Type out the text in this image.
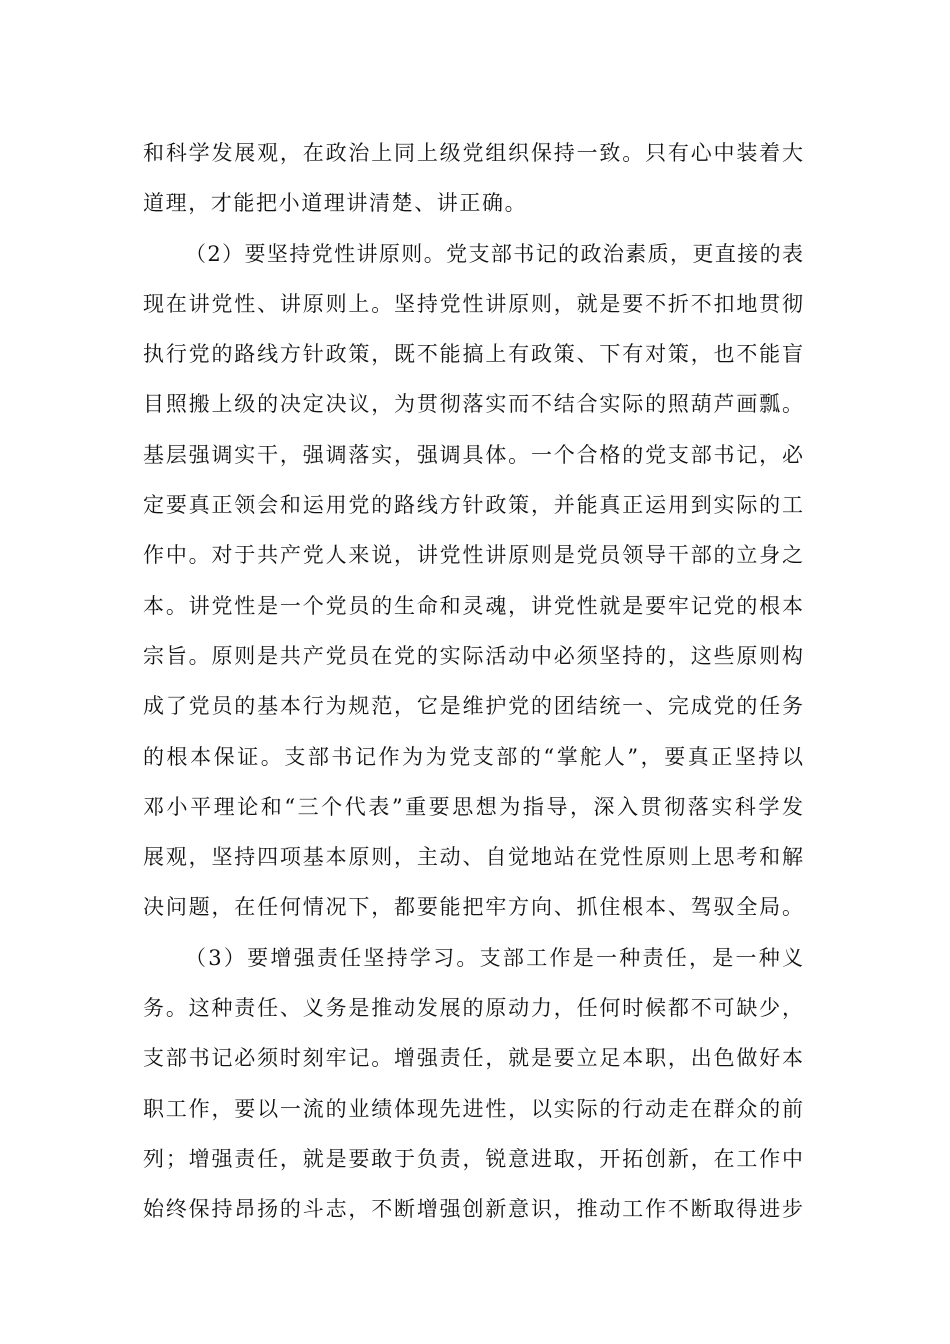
和科学发展观，在政治上同上级党组织保持一致。只有心中装着大
道理，才能把小道理讲清楚、讲正确。
（2）要坚持党性讲原则。党支部书记的政治素质，更直接的表
现在讲党性、讲原则上。坚持党性讲原则，就是要不折不扣地贯彻
执行党的路线方针政策，既不能搞上有政策、下有对策，也不能盲
目照搬上级的决定决议，为贯彻落实而不结合实际的照葫芦画瓢。
基层强调实干，强调落实，强调具体。一个合格的党支部书记，必
定要真正领会和运用党的路线方针政策，并能真正运用到实际的工
作中。对于共产党人来说，讲党性讲原则是党员领导干部的立身之
本。讲党性是一个党员的生命和灵魂，讲党性就是要牢记党的根本
宗旨。原则是共产党员在党的实际活动中必须坚持的，这些原则构
成了党员的基本行为规范，它是维护党的团结统一、完成党的任务
的根本保证。支部书记作为为党支部的“掌舵人”，要真正坚持以
邓小平理论和“三个代表”重要思想为指导，深入贯彻落实科学发
展观，坚持四项基本原则，主动、自觉地站在党性原则上思考和解
决问题，在任何情况下，都要能把牢方向、抓住根本、驾驭全局。
（3）要增强责任坚持学习。支部工作是一种责任，是一种义
务。这种责任、义务是推动发展的原动力，任何时候都不可缺少，
支部书记必须时刻牢记。增强责任，就是要立足本职，出色做好本
职工作，要以一流的业绩体现先进性，以实际的行动走在群众的前
列；增强责任，就是要敢于负责，锐意进取，开拓创新，在工作中
始终保持昂扬的斗志，不断增强创新意识，推动工作不断取得进步
